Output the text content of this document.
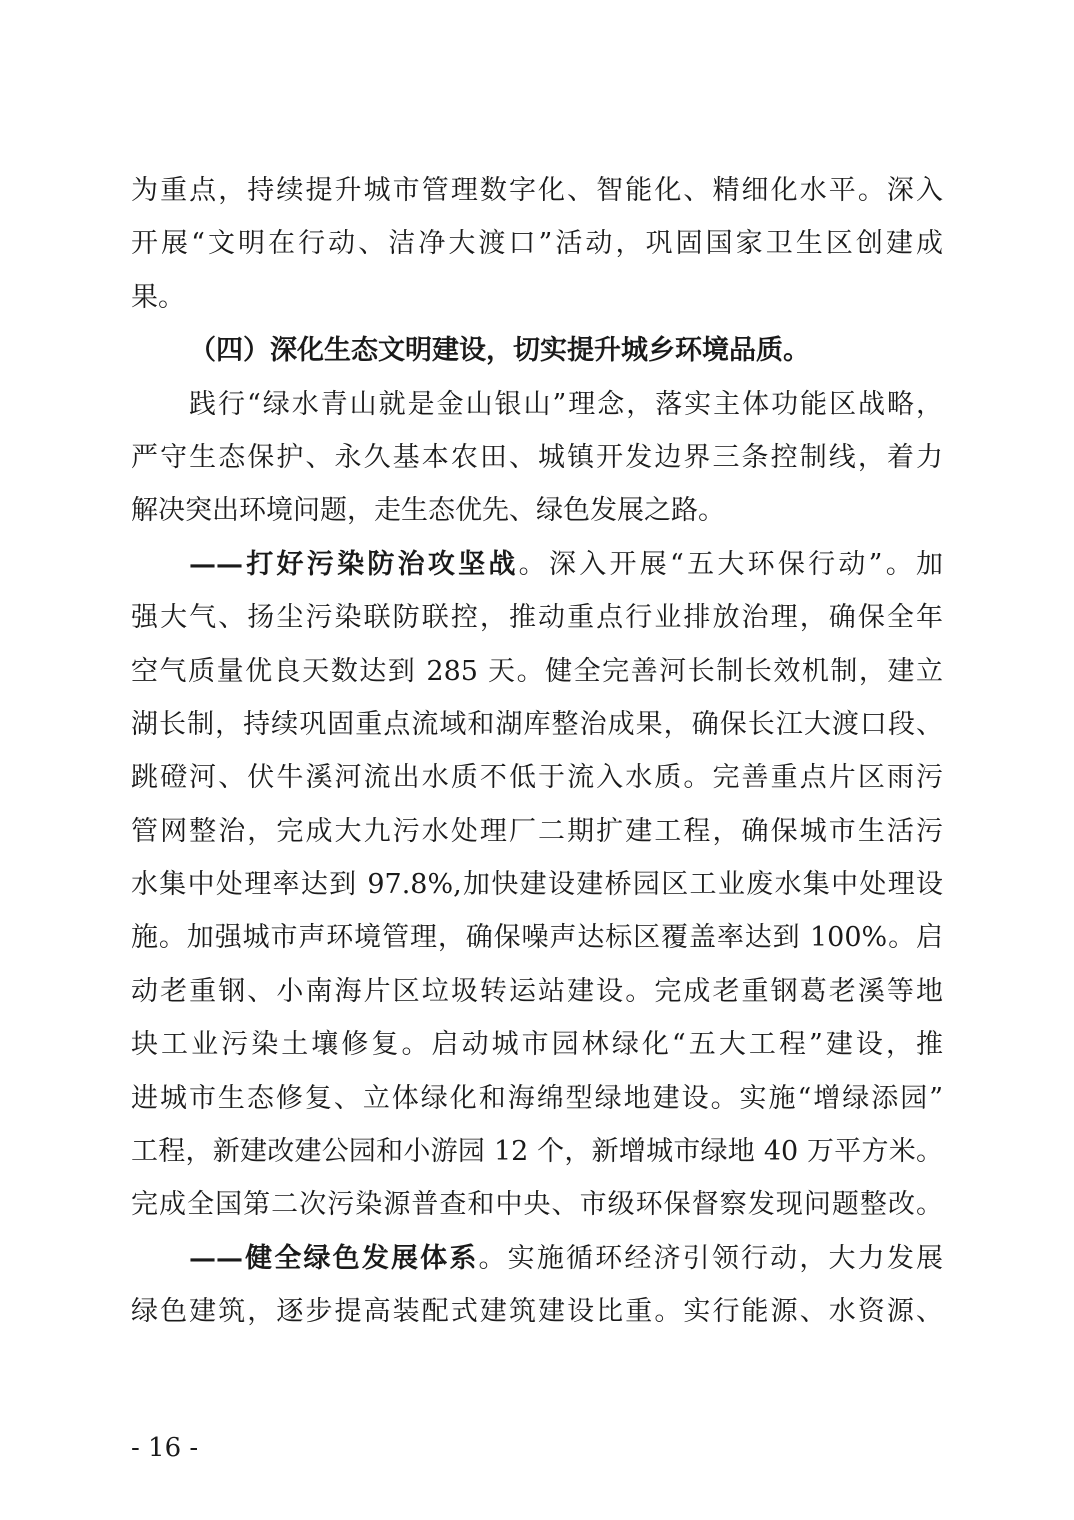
为重点，持续提升城市管理数字化、智能化、精细化水平。深入
开展“文明在行动、洁净大渡口”活动，巩固国家卫生区创建成
果。
（四）深化生态文明建设，切实提升城乡环境品质。
践行“绿水青山就是金山银山”理念，落实主体功能区战略，
严守生态保护、永久基本农田、城镇开发边界三条控制线，着力
解决突出环境问题，走生态优先、绿色发展之路。
——打好污染防治攻坚战。深入开展“五大环保行动”。加
强大气、扬尘污染联防联控，推动重点行业排放治理，确保全年
空气质量优良天数达到 285 天。健全完善河长制长效机制，建立
湖长制，持续巩固重点流域和湖库整治成果，确保长江大渡口段、
跳磴河、伏牛溪河流出水质不低于流入水质。完善重点片区雨污
管网整治，完成大九污水处理厂二期扩建工程，确保城市生活污
水集中处理率达到 97.8%,加快建设建桥园区工业废水集中处理设
施。加强城市声环境管理，确保噪声达标区覆盖率达到 100%。启
动老重钢、小南海片区垃圾转运站建设。完成老重钢葛老溪等地
块工业污染土壤修复。启动城市园林绿化“五大工程”建设，推
进城市生态修复、立体绿化和海绵型绿地建设。实施“增绿添园”
工程，新建改建公园和小游园 12 个，新增城市绿地 40 万平方米。
完成全国第二次污染源普查和中央、市级环保督察发现问题整改。
——健全绿色发展体系。实施循环经济引领行动，大力发展
绿色建筑，逐步提高装配式建筑建设比重。实行能源、水资源、
- 16 -
